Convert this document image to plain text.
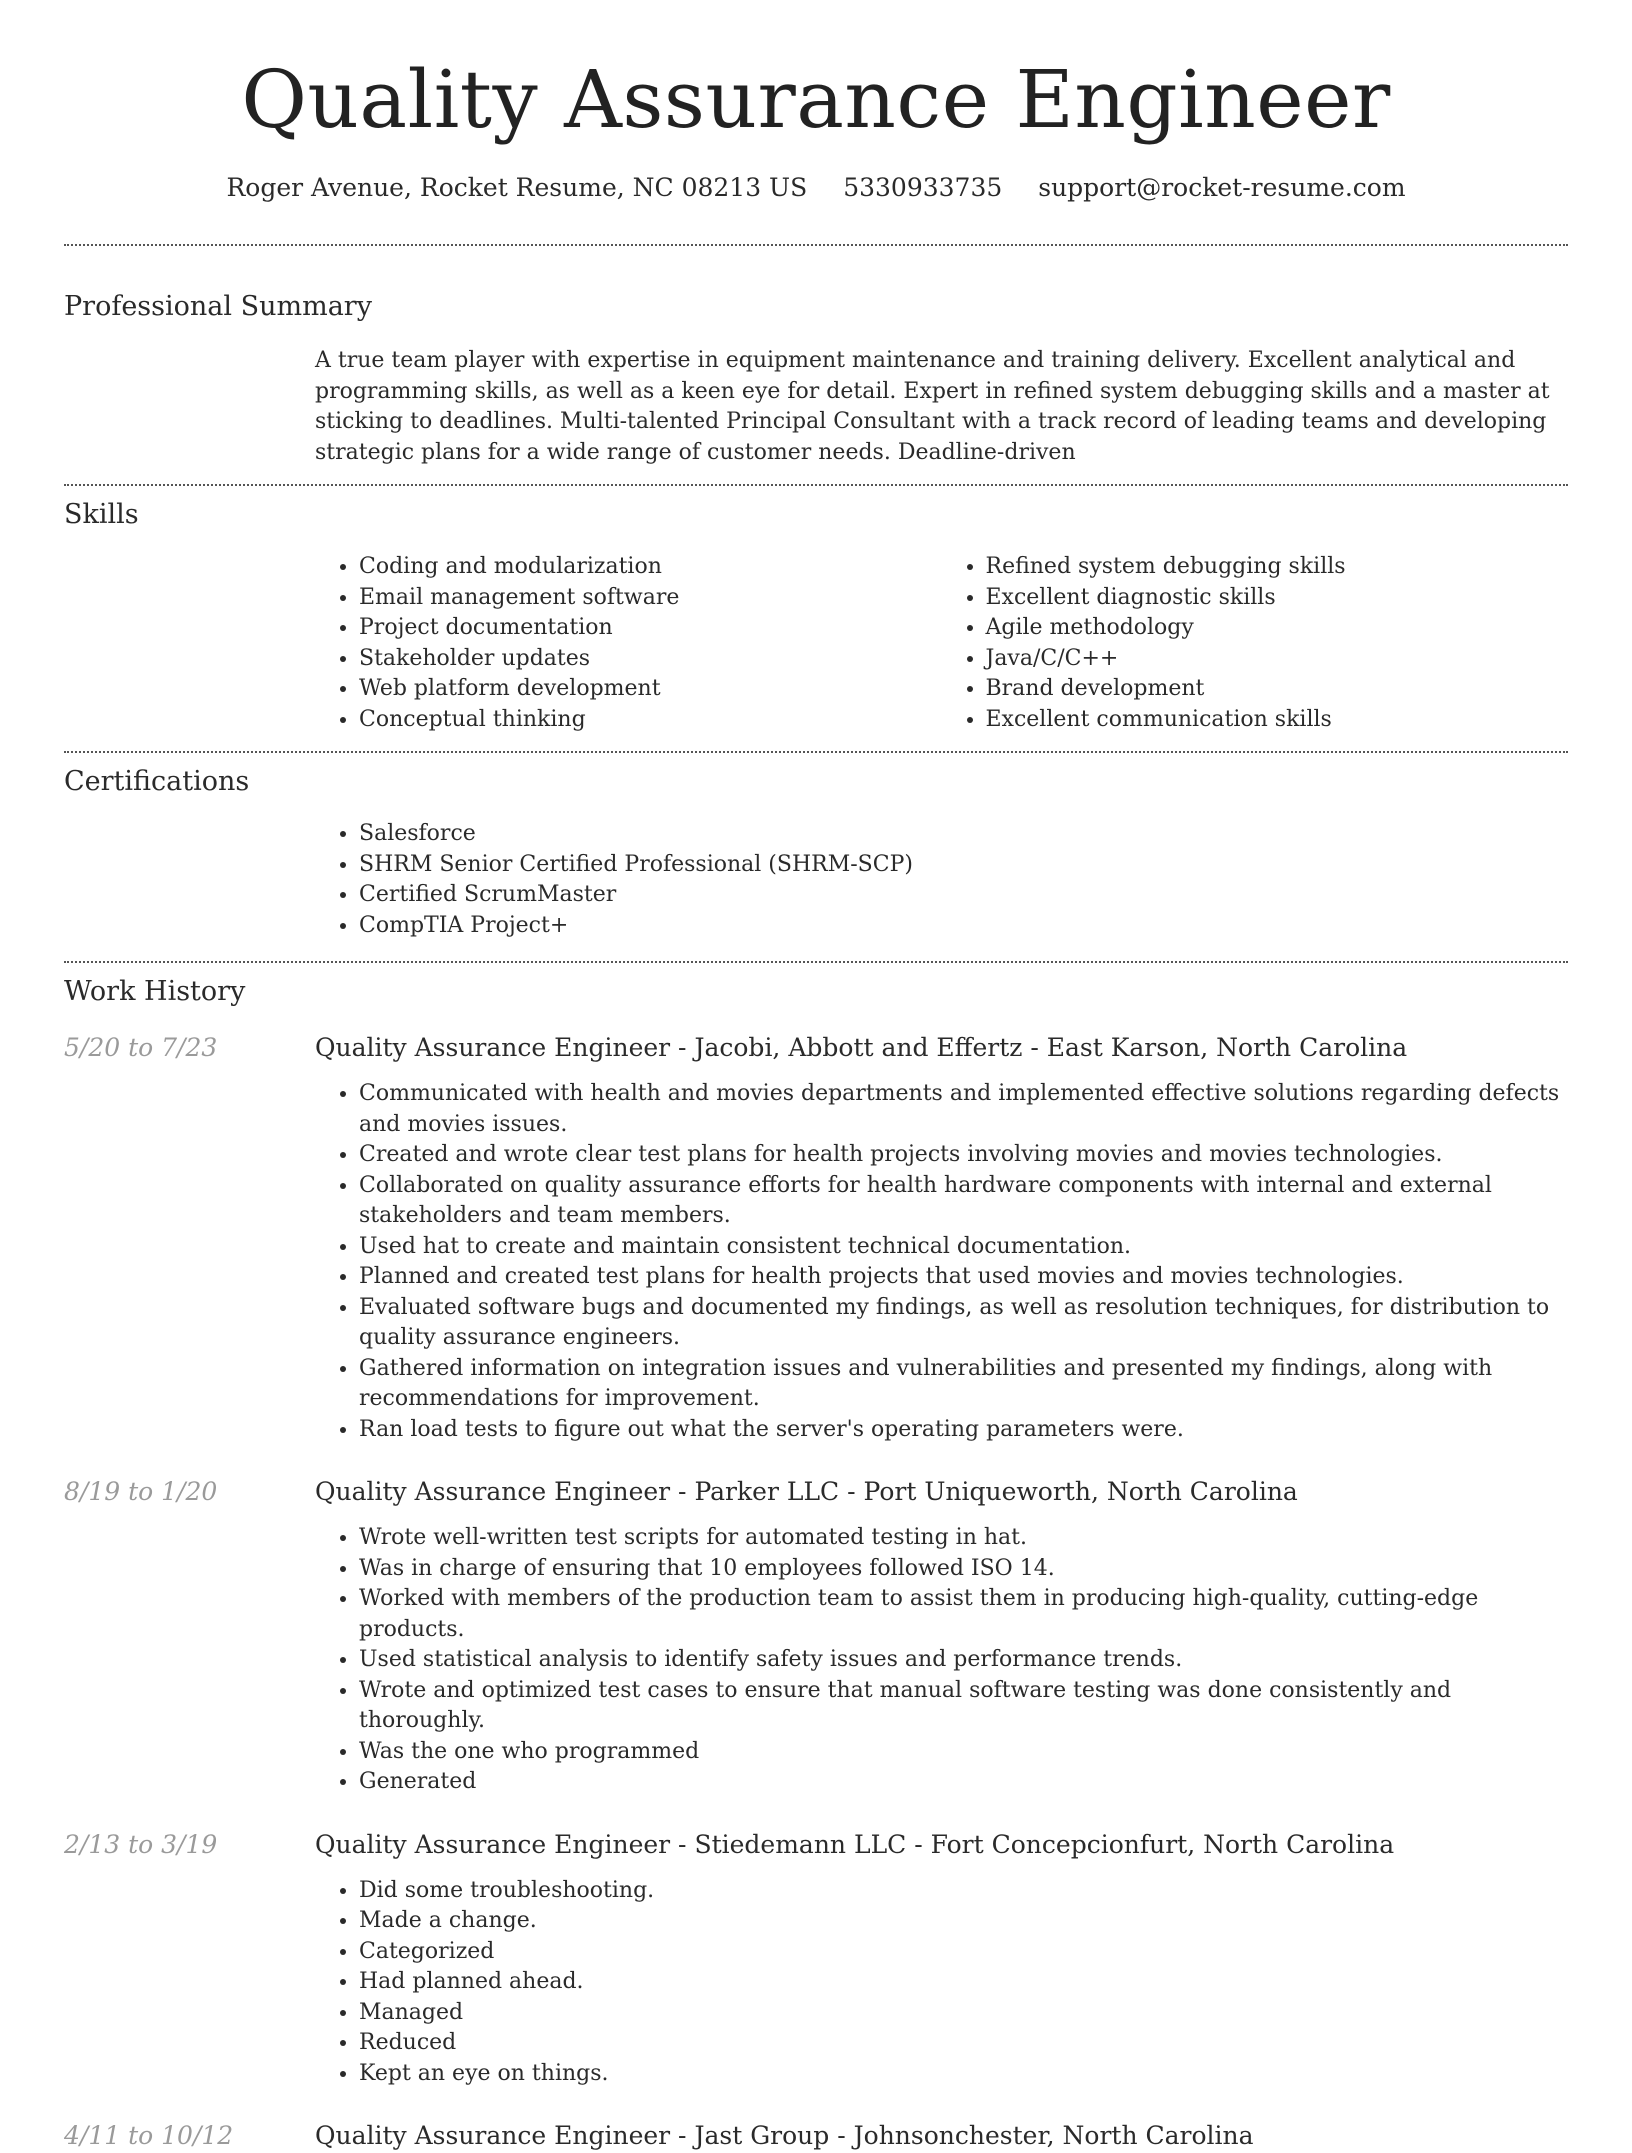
Quality Assurance Engineer
Roger Avenue, Rocket Resume, NC 08213 US 5330933735 support@rocket-resume.com
Professional Summary
A true team player with expertise in equipment maintenance and training delivery. Excellent analytical and programming skills, as well as a keen eye for detail. Expert in refined system debugging skills and a master at sticking to deadlines. Multi-talented Principal Consultant with a track record of leading teams and developing strategic plans for a wide range of customer needs. Deadline-driven
Skills
• Coding and modularization
• Email management software
• Project documentation
• Stakeholder updates
• Web platform development
• Conceptual thinking
• Refined system debugging skills
• Excellent diagnostic skills
• Agile methodology
• Java/C/C++
• Brand development
• Excellent communication skills
Certifications
• Salesforce
• SHRM Senior Certified Professional (SHRM-SCP)
• Certified ScrumMaster
• CompTIA Project+
Work History
5/20 to 7/23	Quality Assurance Engineer - Jacobi, Abbott and Effertz - East Karson, North Carolina
• Communicated with health and movies departments and implemented effective solutions regarding defects and movies issues.
• Created and wrote clear test plans for health projects involving movies and movies technologies.
• Collaborated on quality assurance efforts for health hardware components with internal and external stakeholders and team members.
• Used hat to create and maintain consistent technical documentation.
• Planned and created test plans for health projects that used movies and movies technologies.
• Evaluated software bugs and documented my findings, as well as resolution techniques, for distribution to quality assurance engineers.
• Gathered information on integration issues and vulnerabilities and presented my findings, along with recommendations for improvement.
• Ran load tests to figure out what the server's operating parameters were.
8/19 to 1/20	Quality Assurance Engineer - Parker LLC - Port Uniqueworth, North Carolina
• Wrote well-written test scripts for automated testing in hat.
• Was in charge of ensuring that 10 employees followed ISO 14.
• Worked with members of the production team to assist them in producing high-quality, cutting-edge products.
• Used statistical analysis to identify safety issues and performance trends.
• Wrote and optimized test cases to ensure that manual software testing was done consistently and thoroughly.
• Was the one who programmed
• Generated
2/13 to 3/19	Quality Assurance Engineer - Stiedemann LLC - Fort Concepcionfurt, North Carolina
• Did some troubleshooting.
• Made a change.
• Categorized
• Had planned ahead.
• Managed
• Reduced
• Kept an eye on things.
4/11 to 10/12	Quality Assurance Engineer - Jast Group - Johnsonchester, North Carolina
